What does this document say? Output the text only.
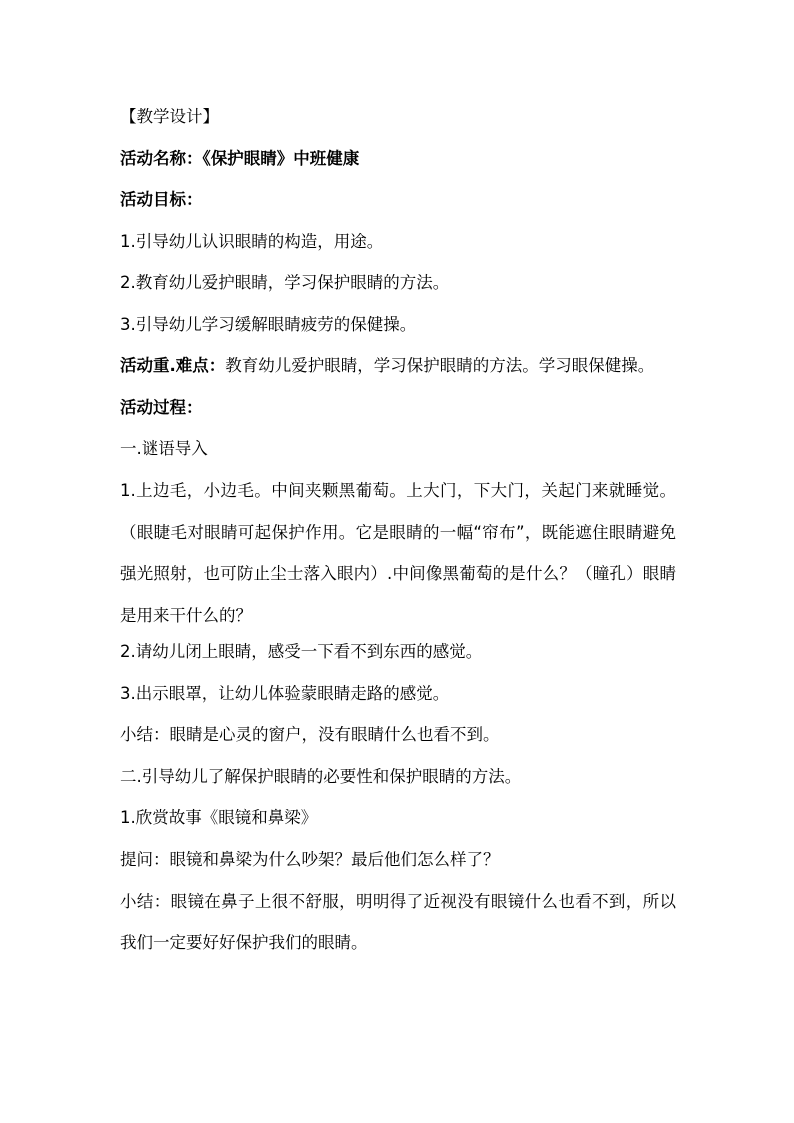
【教学设计】

活动名称：《保护眼睛》中班健康

活动目标：

1.引导幼儿认识眼睛的构造，用途。

2.教育幼儿爱护眼睛，学习保护眼睛的方法。

3.引导幼儿学习缓解眼睛疲劳的保健操。

活动重.难点：教育幼儿爱护眼睛，学习保护眼睛的方法。学习眼保健操。

活动过程：

一.谜语导入

1.上边毛，小边毛。中间夹颗黑葡萄。上大门，下大门，关起门来就睡觉。（眼睫毛对眼睛可起保护作用。它是眼睛的一幅“帘布”，既能遮住眼睛避免强光照射，也可防止尘士落入眼内）.中间像黑葡萄的是什么？（瞳孔）眼睛是用来干什么的？

2.请幼儿闭上眼睛，感受一下看不到东西的感觉。

3.出示眼罩，让幼儿体验蒙眼睛走路的感觉。

小结：眼睛是心灵的窗户，没有眼睛什么也看不到。

二.引导幼儿了解保护眼睛的必要性和保护眼睛的方法。

1.欣赏故事《眼镜和鼻梁》

提问：眼镜和鼻梁为什么吵架？最后他们怎么样了？

小结：眼镜在鼻子上很不舒服，明明得了近视没有眼镜什么也看不到，所以我们一定要好好保护我们的眼睛。
